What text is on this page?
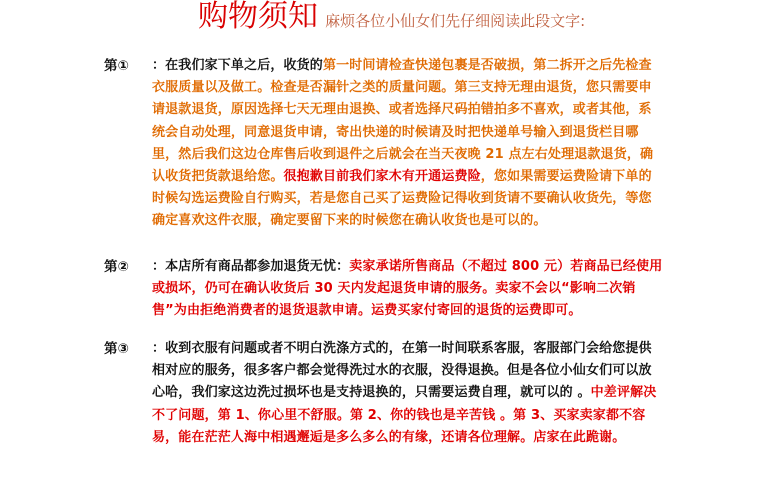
购物须知 麻烦各位小仙女们先仔细阅读此段文字:
第① ：在我们家下单之后，收货的第一时间请检查快递包裹是否破损，第二拆开之后先检查衣服质量以及做工。检查是否漏针之类的质量问题。第三支持无理由退货，您只需要申请退款退货，原因选择七天无理由退换、或者选择尺码拍错拍多不喜欢，或者其他，系统会自动处理，同意退货申请，寄出快递的时候请及时把快递单号输入到退货栏目哪里，然后我们这边仓库售后收到退件之后就会在当天夜晚 21 点左右处理退款退货，确认收货把货款退给您。很抱歉目前我们家木有开通运费险，您如果需要运费险请下单的时候勾选运费险自行购买，若是您自己买了运费险记得收到货请不要确认收货先，等您确定喜欢这件衣服，确定要留下来的时候您在确认收货也是可以的。
第② ：本店所有商品都参加退货无忧：卖家承诺所售商品（不超过 800 元）若商品已经使用或损坏，仍可在确认收货后 30 天内发起退货申请的服务。卖家不会以“影响二次销售”为由拒绝消费者的退货退款申请。运费买家付寄回的退货的运费即可。
第③ ：收到衣服有问题或者不明白洗涤方式的，在第一时间联系客服，客服部门会给您提供相对应的服务，很多客户都会觉得洗过水的衣服，没得退换。但是各位小仙女们可以放心哈，我们家这边洗过损坏也是支持退换的，只需要运费自理，就可以的 。中差评解决不了问题，第 1、你心里不舒服。第 2、你的钱也是辛苦钱 。第 3、买家卖家都不容易，能在茫茫人海中相遇邂逅是多么多么的有缘，还请各位理解。店家在此跪谢。
